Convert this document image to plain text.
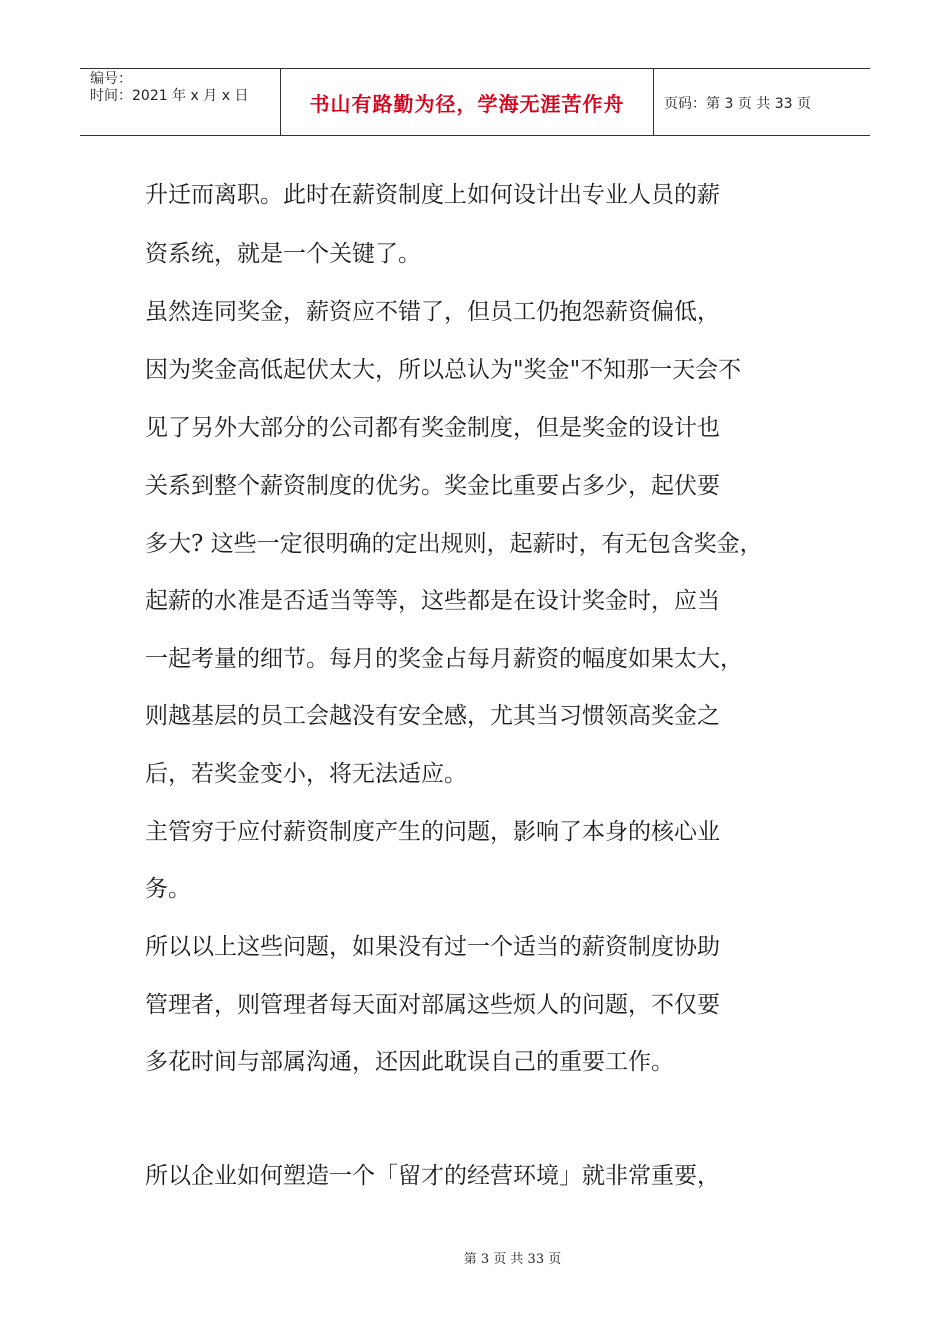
编号：
时间：2021 年 x 月 x 日	书山有路勤为径，学海无涯苦作舟	页码：第 3 页 共 33 页
升迁而离职。此时在薪资制度上如何设计出专业人员的薪
资系统，就是一个关键了。
虽然连同奖金，薪资应不错了，但员工仍抱怨薪资偏低，
因为奖金高低起伏太大，所以总认为"奖金"不知那一天会不
见了另外大部分的公司都有奖金制度，但是奖金的设计也
关系到整个薪资制度的优劣。奖金比重要占多少，起伏要
多大? 这些一定很明确的定出规则，起薪时，有无包含奖金，
起薪的水准是否适当等等，这些都是在设计奖金时，应当
一起考量的细节。每月的奖金占每月薪资的幅度如果太大，
则越基层的员工会越没有安全感，尤其当习惯领高奖金之
后，若奖金变小，将无法适应。
主管穷于应付薪资制度产生的问题，影响了本身的核心业
务。
所以以上这些问题，如果没有过一个适当的薪资制度协助
管理者，则管理者每天面对部属这些烦人的问题，不仅要
多花时间与部属沟通，还因此耽误自己的重要工作。
所以企业如何塑造一个「留才的经营环境」就非常重要，
第 3 页 共 33 页
